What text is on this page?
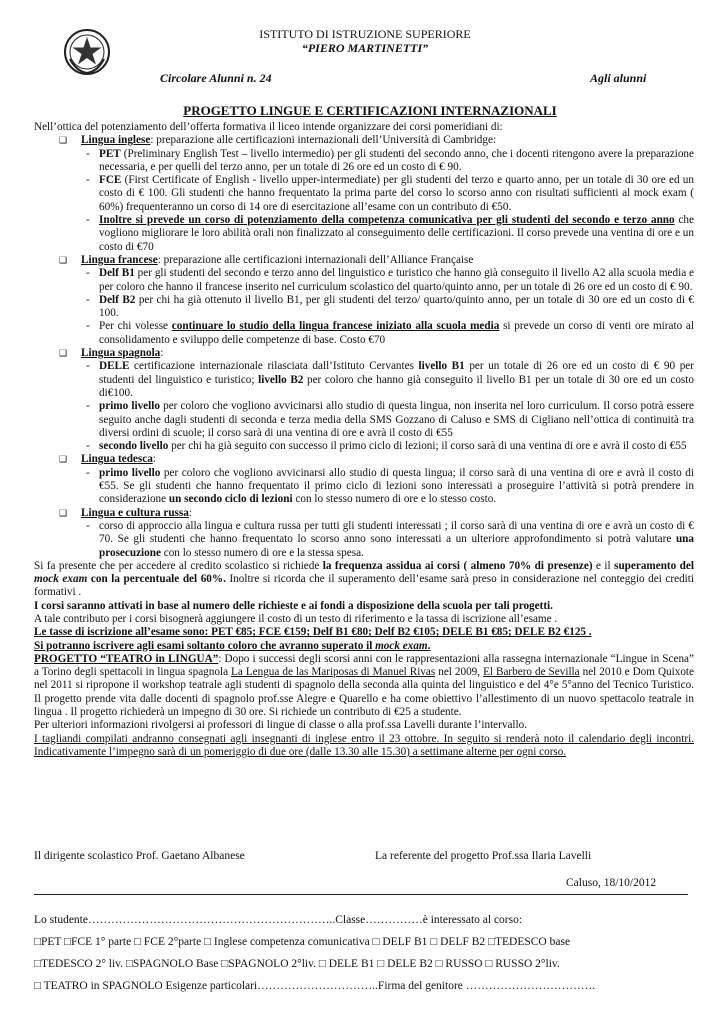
ISTITUTO DI ISTRUZIONE SUPERIORE
“PIERO MARTINETTI”
Circolare Alunni n. 24	Agli alunni
PROGETTO LINGUE E CERTIFICAZIONI INTERNAZIONALI

Nell’ottica del potenziamento dell’offerta formativa il liceo intende organizzare dei corsi pomeridiani di:

❑ Lingua inglese: preparazione alle certificazioni internazionali dell’Università di Cambridge:

- PET (Preliminary English Test – livello intermedio) per gli studenti del secondo anno, che i docenti ritengono avere la preparazione necessaria, e per quelli del terzo anno, per un totale di 26 ore ed un costo di € 90.

- FCE (First Certificate of English - livello upper-intermediate) per gli studenti del terzo e quarto anno, per un totale di 30 ore ed un costo di € 100. Gli studenti che hanno frequentato la prima parte del corso lo scorso anno con risultati sufficienti al mock exam ( 60%) frequenteranno un corso di 14 ore di esercitazione all’esame con un contributo di €50.

- Inoltre si prevede un corso di potenziamento della competenza comunicativa per gli studenti del secondo e terzo anno che vogliono migliorare le loro abilità orali non finalizzato al conseguimento delle certificazioni. Il corso prevede una ventina di ore e un costo di €70

❑ Lingua francese: preparazione alle certificazioni internazionali dell’Alliance Française

- Delf B1 per gli studenti del secondo e terzo anno del linguistico e turistico che hanno già conseguito il livello A2 alla scuola media e per coloro che hanno il francese inserito nel curriculum scolastico del quarto/quinto anno, per un totale di 26 ore ed un costo di € 90.

- Delf B2 per chi ha già ottenuto il livello B1, per gli studenti del terzo/ quarto/quinto anno, per un totale di 30 ore ed un costo di € 100.

- Per chi volesse continuare lo studio della lingua francese iniziato alla scuola media si prevede un corso di venti ore mirato al consolidamento e sviluppo delle competenze di base. Costo €70

❑ Lingua spagnola:

- DELE certificazione internazionale rilasciata dall’Istituto Cervantes livello B1 per un totale di 26 ore ed un costo di € 90 per studenti del linguistico e turistico; livello B2 per coloro che hanno già conseguito il livello B1 per un totale di 30 ore ed un costo di€100.

- primo livello per coloro che vogliono avvicinarsi allo studio di questa lingua, non inserita nel loro curriculum. Il corso potrà essere seguito anche dagli studenti di seconda e terza media della SMS Gozzano di Caluso e SMS di Cigliano nell’ottica di continuità tra diversi ordini di scuole; il corso sarà di una ventina di ore e avrà il costo di €55

- secondo livello per chi ha già seguito con successo il primo ciclo di lezioni; il corso sarà di una ventina di ore e avrà il costo di €55

❑ Lingua tedesca:

- primo livello per coloro che vogliono avvicinarsi allo studio di questa lingua; il corso sarà di una ventina di ore e avrà il costo di €55. Se gli studenti che hanno frequentato il primo ciclo di lezioni sono interessati a proseguire l’attività si potrà prendere in considerazione un secondo ciclo di lezioni con lo stesso numero di ore e lo stesso costo.

❑ Lingua e cultura russa:

- corso di approccio alla lingua e cultura russa per tutti gli studenti interessati ; il corso sarà di una ventina di ore e avrà un costo di € 70. Se gli studenti che hanno frequentato lo scorso anno sono interessati a un ulteriore approfondimento si potrà valutare una prosecuzione con lo stesso numero di ore e la stessa spesa.

Si fa presente che per accedere al credito scolastico si richiede la frequenza assidua ai corsi ( almeno 70% di presenze) e il superamento del mock exam con la percentuale del 60%. Inoltre si ricorda che il superamento dell’esame sarà preso in considerazione nel conteggio dei crediti formativi .

I corsi saranno attivati in base al numero delle richieste e ai fondi a disposizione della scuola per tali progetti.

A tale contributo per i corsi bisognerà aggiungere il costo di un testo di riferimento e la tassa di iscrizione all’esame .

Le tasse di iscrizione all’esame sono: PET €85; FCE €159; Delf B1 €80; Delf B2 €105; DELE B1 €85; DELE B2 €125 .

Si potranno iscrivere agli esami soltanto coloro che avranno superato il mock exam.

PROGETTO “TEATRO in LINGUA”: Dopo i successi degli scorsi anni con le rappresentazioni alla rassegna internazionale “Lingue in Scena” a Torino degli spettacoli in lingua spagnola La Lengua de las Mariposas di Manuel Rivas nel 2009, El Barbero de Sevilla nel 2010 e Dom Quixote nel 2011 si ripropone il workshop teatrale agli studenti di spagnolo della seconda alla quinta del linguistico e del 4°e 5°anno del Tecnico Turistico. Il progetto prende vita dalle docenti di spagnolo prof.sse Alegre e Quarello e ha come obiettivo l’allestimento di un nuovo spettacolo teatrale in lingua . Il progetto richiederà un impegno di 30 ore. Si richiede un contributo di €25 a studente.

Per ulteriori informazioni rivolgersi ai professori di lingue di classe o alla prof.ssa Lavelli durante l’intervallo.

I tagliandi compilati andranno consegnati agli insegnanti di inglese entro il 23 ottobre. In seguito si renderà noto il calendario degli incontri. Indicativamente l’impegno sarà di un pomeriggio di due ore (dalle 13.30 alle 15.30) a settimane alterne per ogni corso.

Il dirigente scolastico Prof. Gaetano Albanese	La referente del progetto Prof.ssa Ilaria Lavelli
Caluso, 18/10/2012
Lo studente………………………………………………………..Classe……………è interessato al corso:
□PET □FCE 1° parte □ FCE 2°parte □ Inglese competenza comunicativa □ DELF B1 □ DELF B2 □TEDESCO base
□TEDESCO 2° liv. □SPAGNOLO Base □SPAGNOLO 2°liv. □ DELE B1 □ DELE B2 □ RUSSO □ RUSSO 2°liv.
□ TEATRO in SPAGNOLO Esigenze particolari…………………………..Firma del genitore …………………………….
